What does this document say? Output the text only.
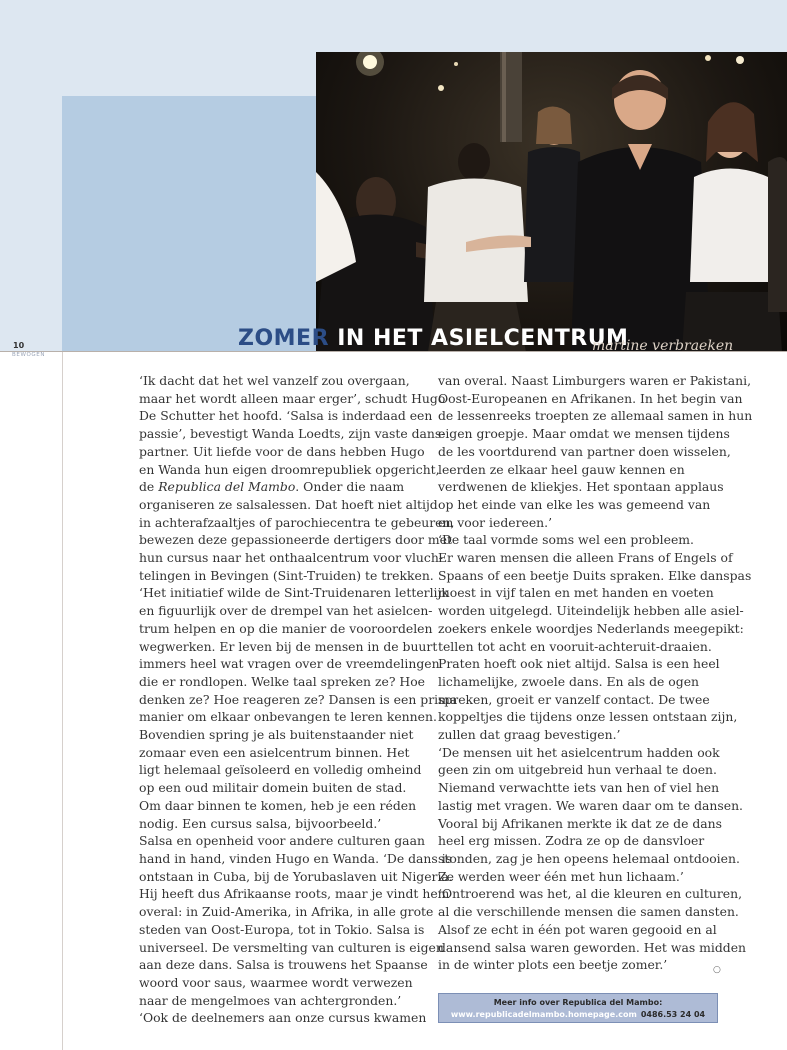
10
BEWOGEN
ZOMER IN HET ASIELCENTRUM
martine verbraeken
‘Ik dacht dat het wel vanzelf zou overgaan,
maar het wordt alleen maar erger’, schudt Hugo
De Schutter het hoofd. ‘Salsa is inderdaad een
passie’, bevestigt Wanda Loedts, zijn vaste dans-
partner. Uit liefde voor de dans hebben Hugo
en Wanda hun eigen droomrepubliek opgericht,
de Republica del Mambo. Onder die naam
organiseren ze salsalessen. Dat hoeft niet altijd
in achterafzaaltjes of parochiecentra te gebeuren,
bewezen deze gepassioneerde dertigers door met
hun cursus naar het onthaalcentrum voor vluch-
telingen in Bevingen (Sint-Truiden) te trekken.
‘Het initiatief wilde de Sint-Truidenaren letterlijk
en figuurlijk over de drempel van het asielcen-
trum helpen en op die manier de vooroordelen
wegwerken. Er leven bij de mensen in de buurt
immers heel wat vragen over de vreemdelingen
die er rondlopen. Welke taal spreken ze? Hoe
denken ze? Hoe reageren ze? Dansen is een prima
manier om elkaar onbevangen te leren kennen.
Bovendien spring je als buitenstaander niet
zomaar even een asielcentrum binnen. Het
ligt helemaal geïsoleerd en volledig omheind
op een oud militair domein buiten de stad.
Om daar binnen te komen, heb je een réden
nodig. Een cursus salsa, bijvoorbeeld.’
Salsa en openheid voor andere culturen gaan
hand in hand, vinden Hugo en Wanda. ‘De dans is
ontstaan in Cuba, bij de Yorubaslaven uit Nigeria.
Hij heeft dus Afrikaanse roots, maar je vindt hem
overal: in Zuid-Amerika, in Afrika, in alle grote
steden van Oost-Europa, tot in Tokio. Salsa is
universeel. De versmelting van culturen is eigen
aan deze dans. Salsa is trouwens het Spaanse
woord voor saus, waarmee wordt verwezen
naar de mengelmoes van achtergronden.’
‘Ook de deelnemers aan onze cursus kwamen
van overal. Naast Limburgers waren er Pakistani,
Oost-Europeanen en Afrikanen. In het begin van
de lessenreeks troepten ze allemaal samen in hun
eigen groepje. Maar omdat we mensen tijdens
de les voortdurend van partner doen wisselen,
leerden ze elkaar heel gauw kennen en
verdwenen de kliekjes. Het spontaan applaus
op het einde van elke les was gemeend van
en voor iedereen.’
‘De taal vormde soms wel een probleem.
Er waren mensen die alleen Frans of Engels of
Spaans of een beetje Duits spraken. Elke danspas
moest in vijf talen en met handen en voeten
worden uitgelegd. Uiteindelijk hebben alle asiel-
zoekers enkele woordjes Nederlands meegepikt:
tellen tot acht en vooruit-achteruit-draaien.
Praten hoeft ook niet altijd. Salsa is een heel
lichamelijke, zwoele dans. En als de ogen
spreken, groeit er vanzelf contact. De twee
koppeltjes die tijdens onze lessen ontstaan zijn,
zullen dat graag bevestigen.’
‘De mensen uit het asielcentrum hadden ook
geen zin om uitgebreid hun verhaal te doen.
Niemand verwachtte iets van hen of viel hen
lastig met vragen. We waren daar om te dansen.
Vooral bij Afrikanen merkte ik dat ze de dans
heel erg missen. Zodra ze op de dansvloer
stonden, zag je hen opeens helemaal ontdooien.
Ze werden weer één met hun lichaam.’
‘Ontroerend was het, al die kleuren en culturen,
al die verschillende mensen die samen dansten.
Alsof ze echt in één pot waren gegooid en al
dansend salsa waren geworden. Het was midden
in de winter plots een beetje zomer.’	○
Meer info over Republica del Mambo:
www.republicadelmambo.homepage.com 0486.53 24 04
